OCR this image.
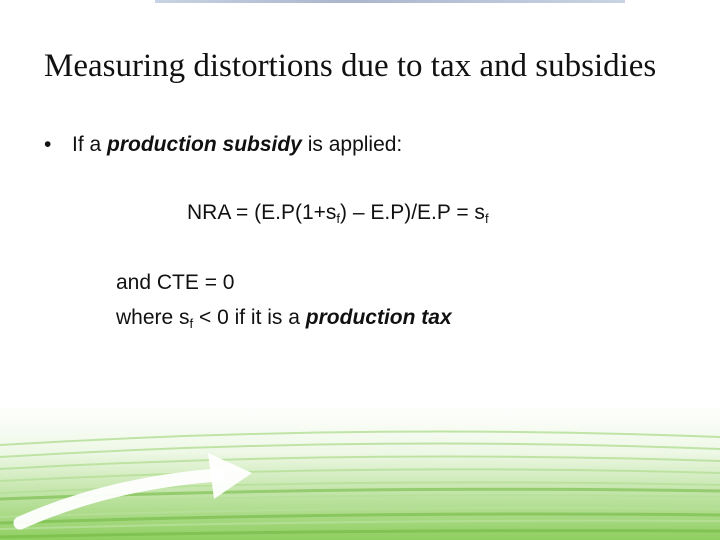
Measuring distortions due to tax and subsidies
• If a production subsidy is applied:
NRA = $(E.P(1+s_f) - E.P)/E.P = s_f$
and CTE = 0
where $s_f < 0$ if it is a production tax
